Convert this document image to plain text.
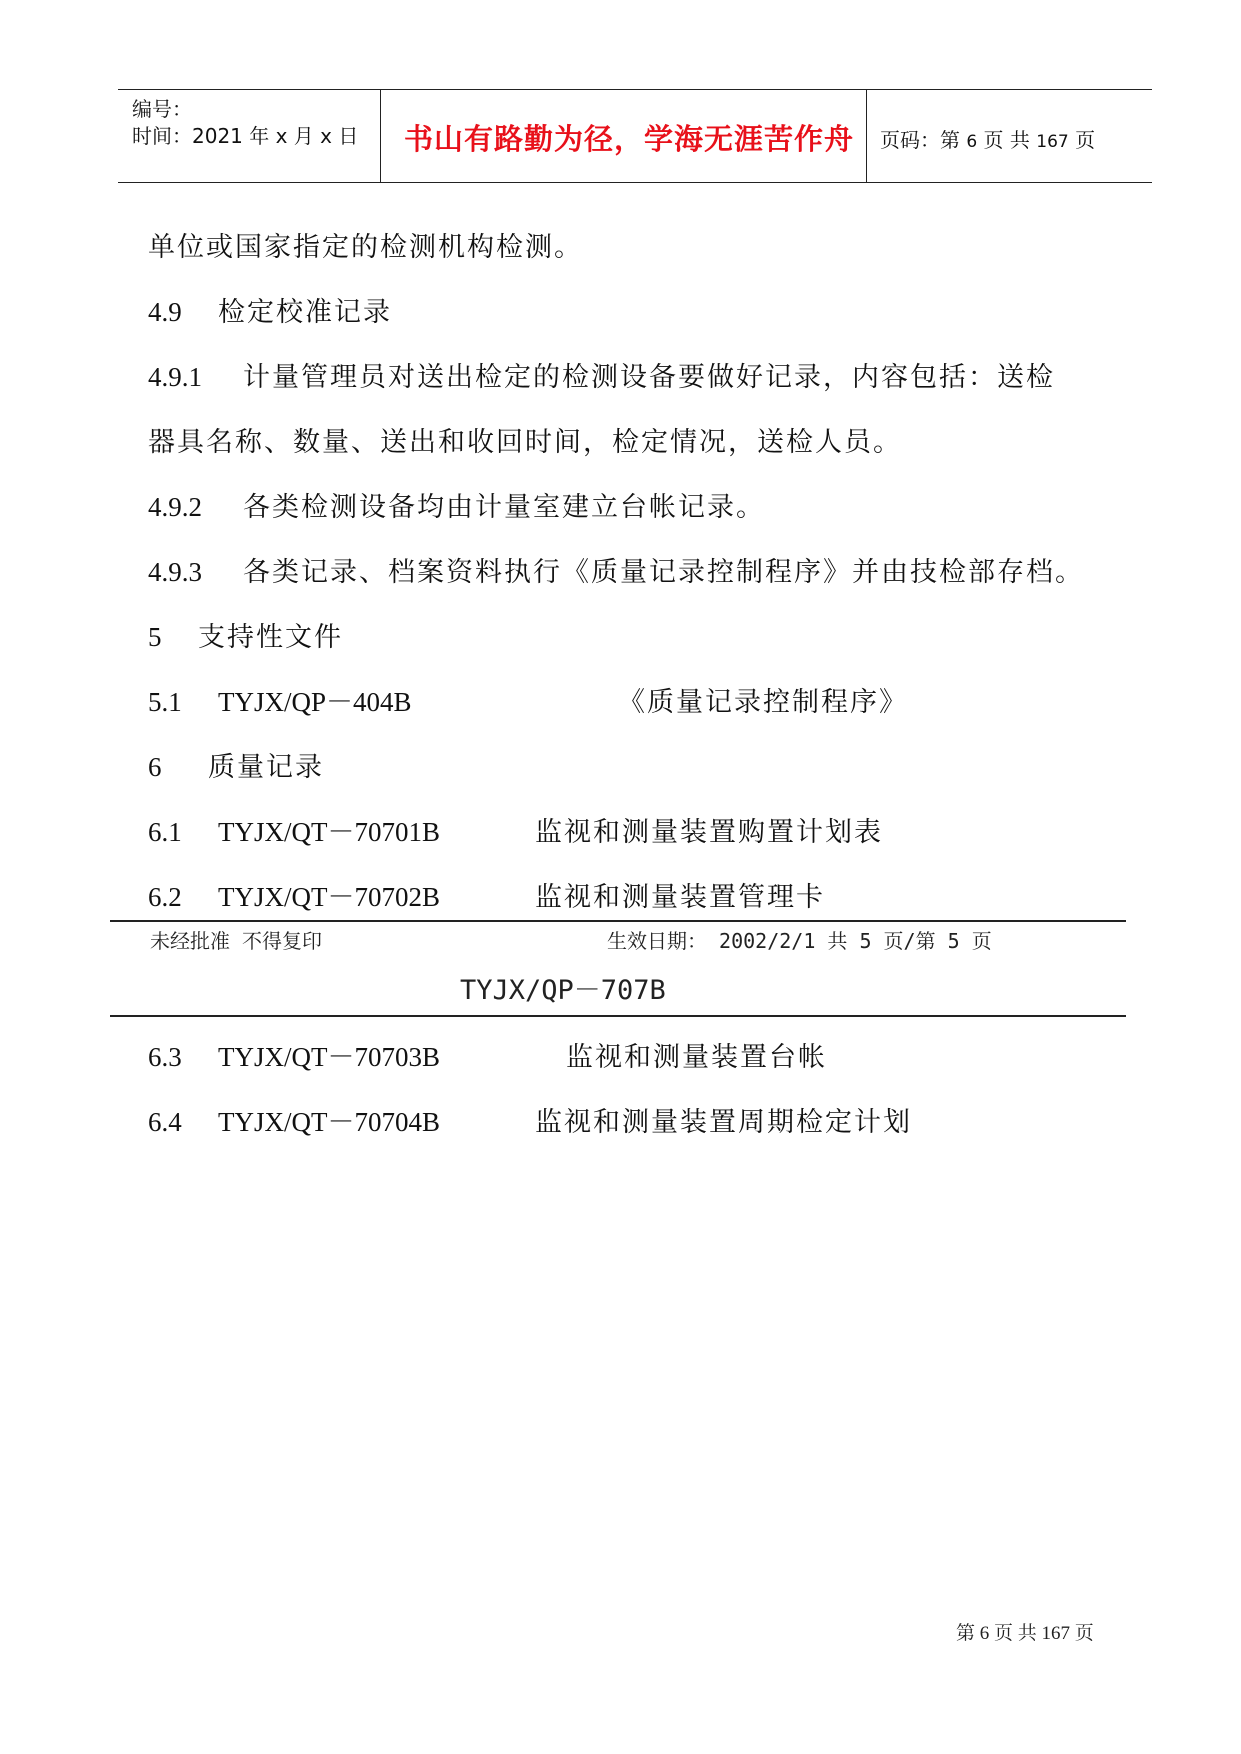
编号：
时间：2021 年 x 月 x 日 书山有路勤为径，学海无涯苦作舟 页码：第 6 页 共 167 页
单位或国家指定的检测机构检测。
4.9 检定校准记录
4.9.1 计量管理员对送出检定的检测设备要做好记录，内容包括：送检
器具名称、数量、送出和收回时间，检定情况，送检人员。
4.9.2 各类检测设备均由计量室建立台帐记录。
4.9.3 各类记录、档案资料执行《质量记录控制程序》并由技检部存档。
5 支持性文件
5.1 TYJX/QP－404B	《质量记录控制程序》
6 质量记录
6.1 TYJX/QT－70701B	监视和测量装置购置计划表
6.2 TYJX/QT－70702B	监视和测量装置管理卡
未经批准 不得复印	生效日期： 2002/2/1 共 5 页/第 5 页
TYJX/QP－707B
6.3 TYJX/QT－70703B	监视和测量装置台帐
6.4 TYJX/QT－70704B	监视和测量装置周期检定计划
第 6 页 共 167 页
